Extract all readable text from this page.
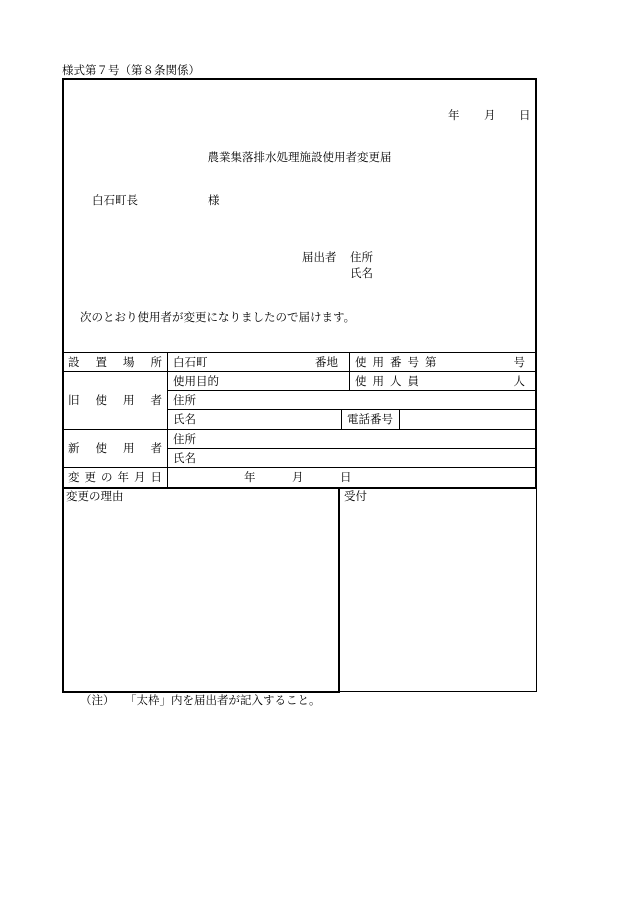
様式第７号（第８条関係）
年 月 日
農業集落排水処理施設使用者変更届
白石町長	様
届出者 住所
氏名
次のとおり使用者が変更になりましたので届けます。
設置場所 白石町	番地 使用番号第	号
旧使用者
使用目的	使用人員	人
住所
氏名	電話番号
新使用者
住所
氏名
変更の年月日	年	月	日
変更の理由	受付
（注） 「太枠」内を届出者が記入すること。
